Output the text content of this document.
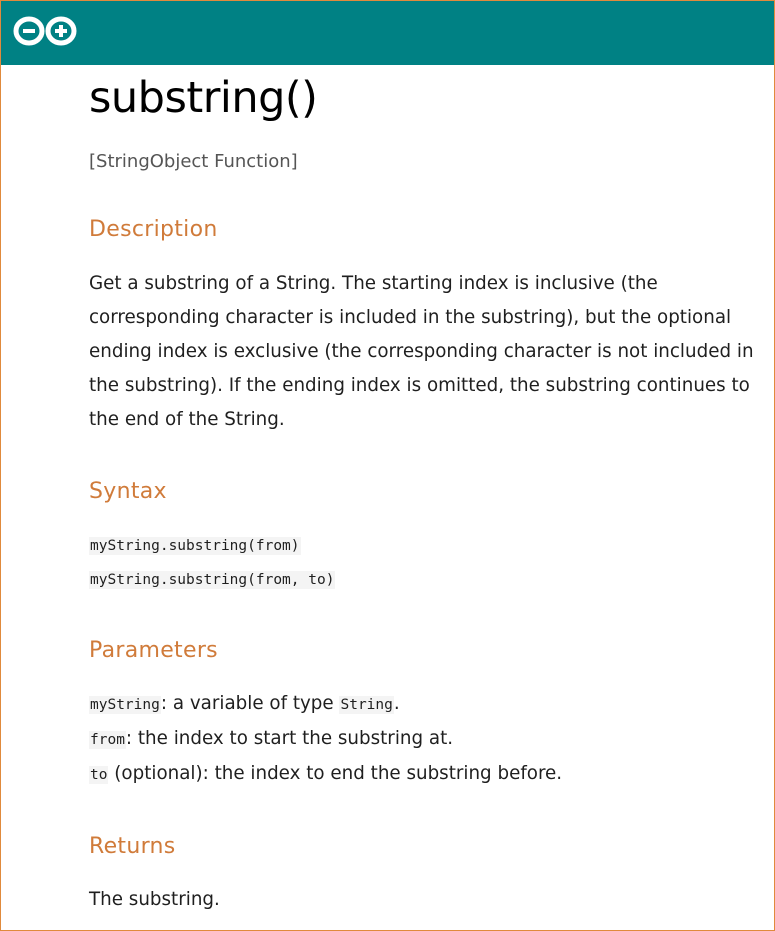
substring()
[StringObject Function]
Description

Get a substring of a String. The starting index is inclusive (the corresponding character is included in the substring), but the optional ending index is exclusive (the corresponding character is not included in the substring). If the ending index is omitted, the substring continues to the end of the String.

Syntax
myString.substring(from)
myString.substring(from, to)
Parameters
myString: a variable of type String.
from: the index to start the substring at.
to (optional): the index to end the substring before.
Returns
The substring.
